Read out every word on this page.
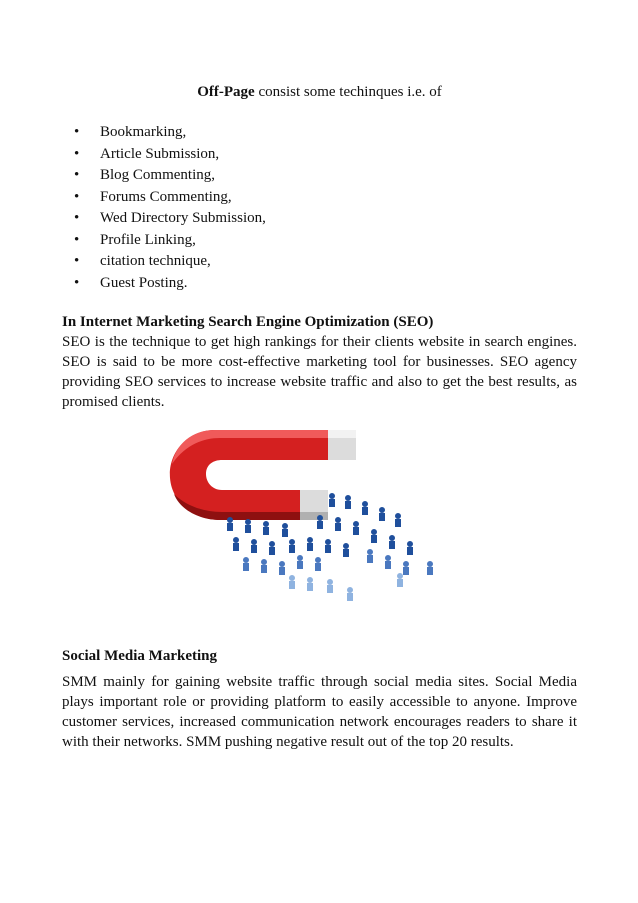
Off-Page consist some techinques i.e. of

• Bookmarking,
• Article Submission,
• Blog Commenting,
• Forums Commenting,
• Wed Directory Submission,
• Profile Linking,
• citation technique,
• Guest Posting.
In Internet Marketing Search Engine Optimization (SEO)

SEO is the technique to get high rankings for their clients website in search engines. SEO is said to be more cost-effective marketing tool for businesses. SEO agency providing SEO services to increase website traffic and also to get the best results, as promised clients.

Social Media Marketing

SMM mainly for gaining website traffic through social media sites. Social Media plays important role or providing platform to easily accessible to anyone. Improve customer services, increased communication network encourages readers to share it with their networks. SMM pushing negative result out of the top 20 results.
